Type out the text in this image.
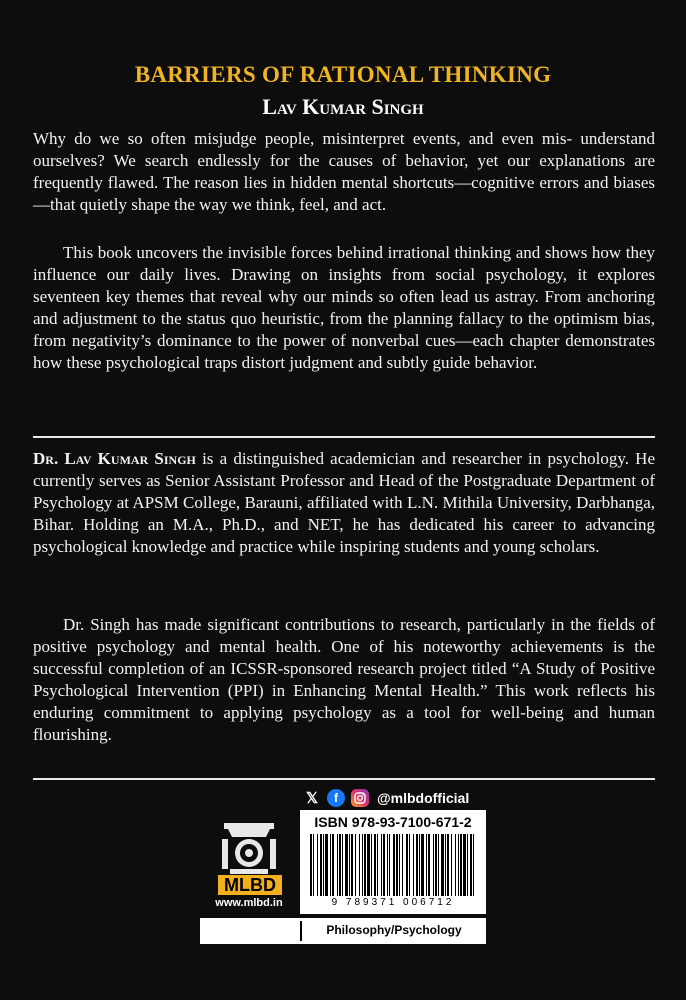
BARRIERS OF RATIONAL THINKING
Lav Kumar Singh
Why do we so often misjudge people, misinterpret events, and even mis- understand ourselves? We search endlessly for the causes of behavior, yet our explanations are frequently flawed. The reason lies in hidden mental shortcuts—cognitive errors and biases—that quietly shape the way we think, feel, and act.
This book uncovers the invisible forces behind irrational thinking and shows how they influence our daily lives. Drawing on insights from social psychology, it explores seventeen key themes that reveal why our minds so often lead us astray. From anchoring and adjustment to the status quo heuristic, from the planning fallacy to the optimism bias, from negativity’s dominance to the power of nonverbal cues—each chapter demonstrates how these psychological traps distort judgment and subtly guide behavior.
Dr. Lav Kumar Singh is a distinguished academician and researcher in psychology. He currently serves as Senior Assistant Professor and Head of the Postgraduate Department of Psychology at APSM College, Barauni, affiliated with L.N. Mithila University, Darbhanga, Bihar. Holding an M.A., Ph.D., and NET, he has dedicated his career to advancing psychological knowledge and practice while inspiring students and young scholars.
Dr. Singh has made significant contributions to research, particularly in the fields of positive psychology and mental health. One of his noteworthy achievements is the successful completion of an ICSSR-sponsored research project titled “A Study of Positive Psychological Intervention (PPI) in Enhancing Mental Health.” This work reflects his enduring commitment to applying psychology as a tool for well-being and human flourishing.
𝕏	f	@mlbdofficial
MLBD
www.mlbd.in
ISBN 978-93-7100-671-2
9 789371 006712
Philosophy/Psychology
